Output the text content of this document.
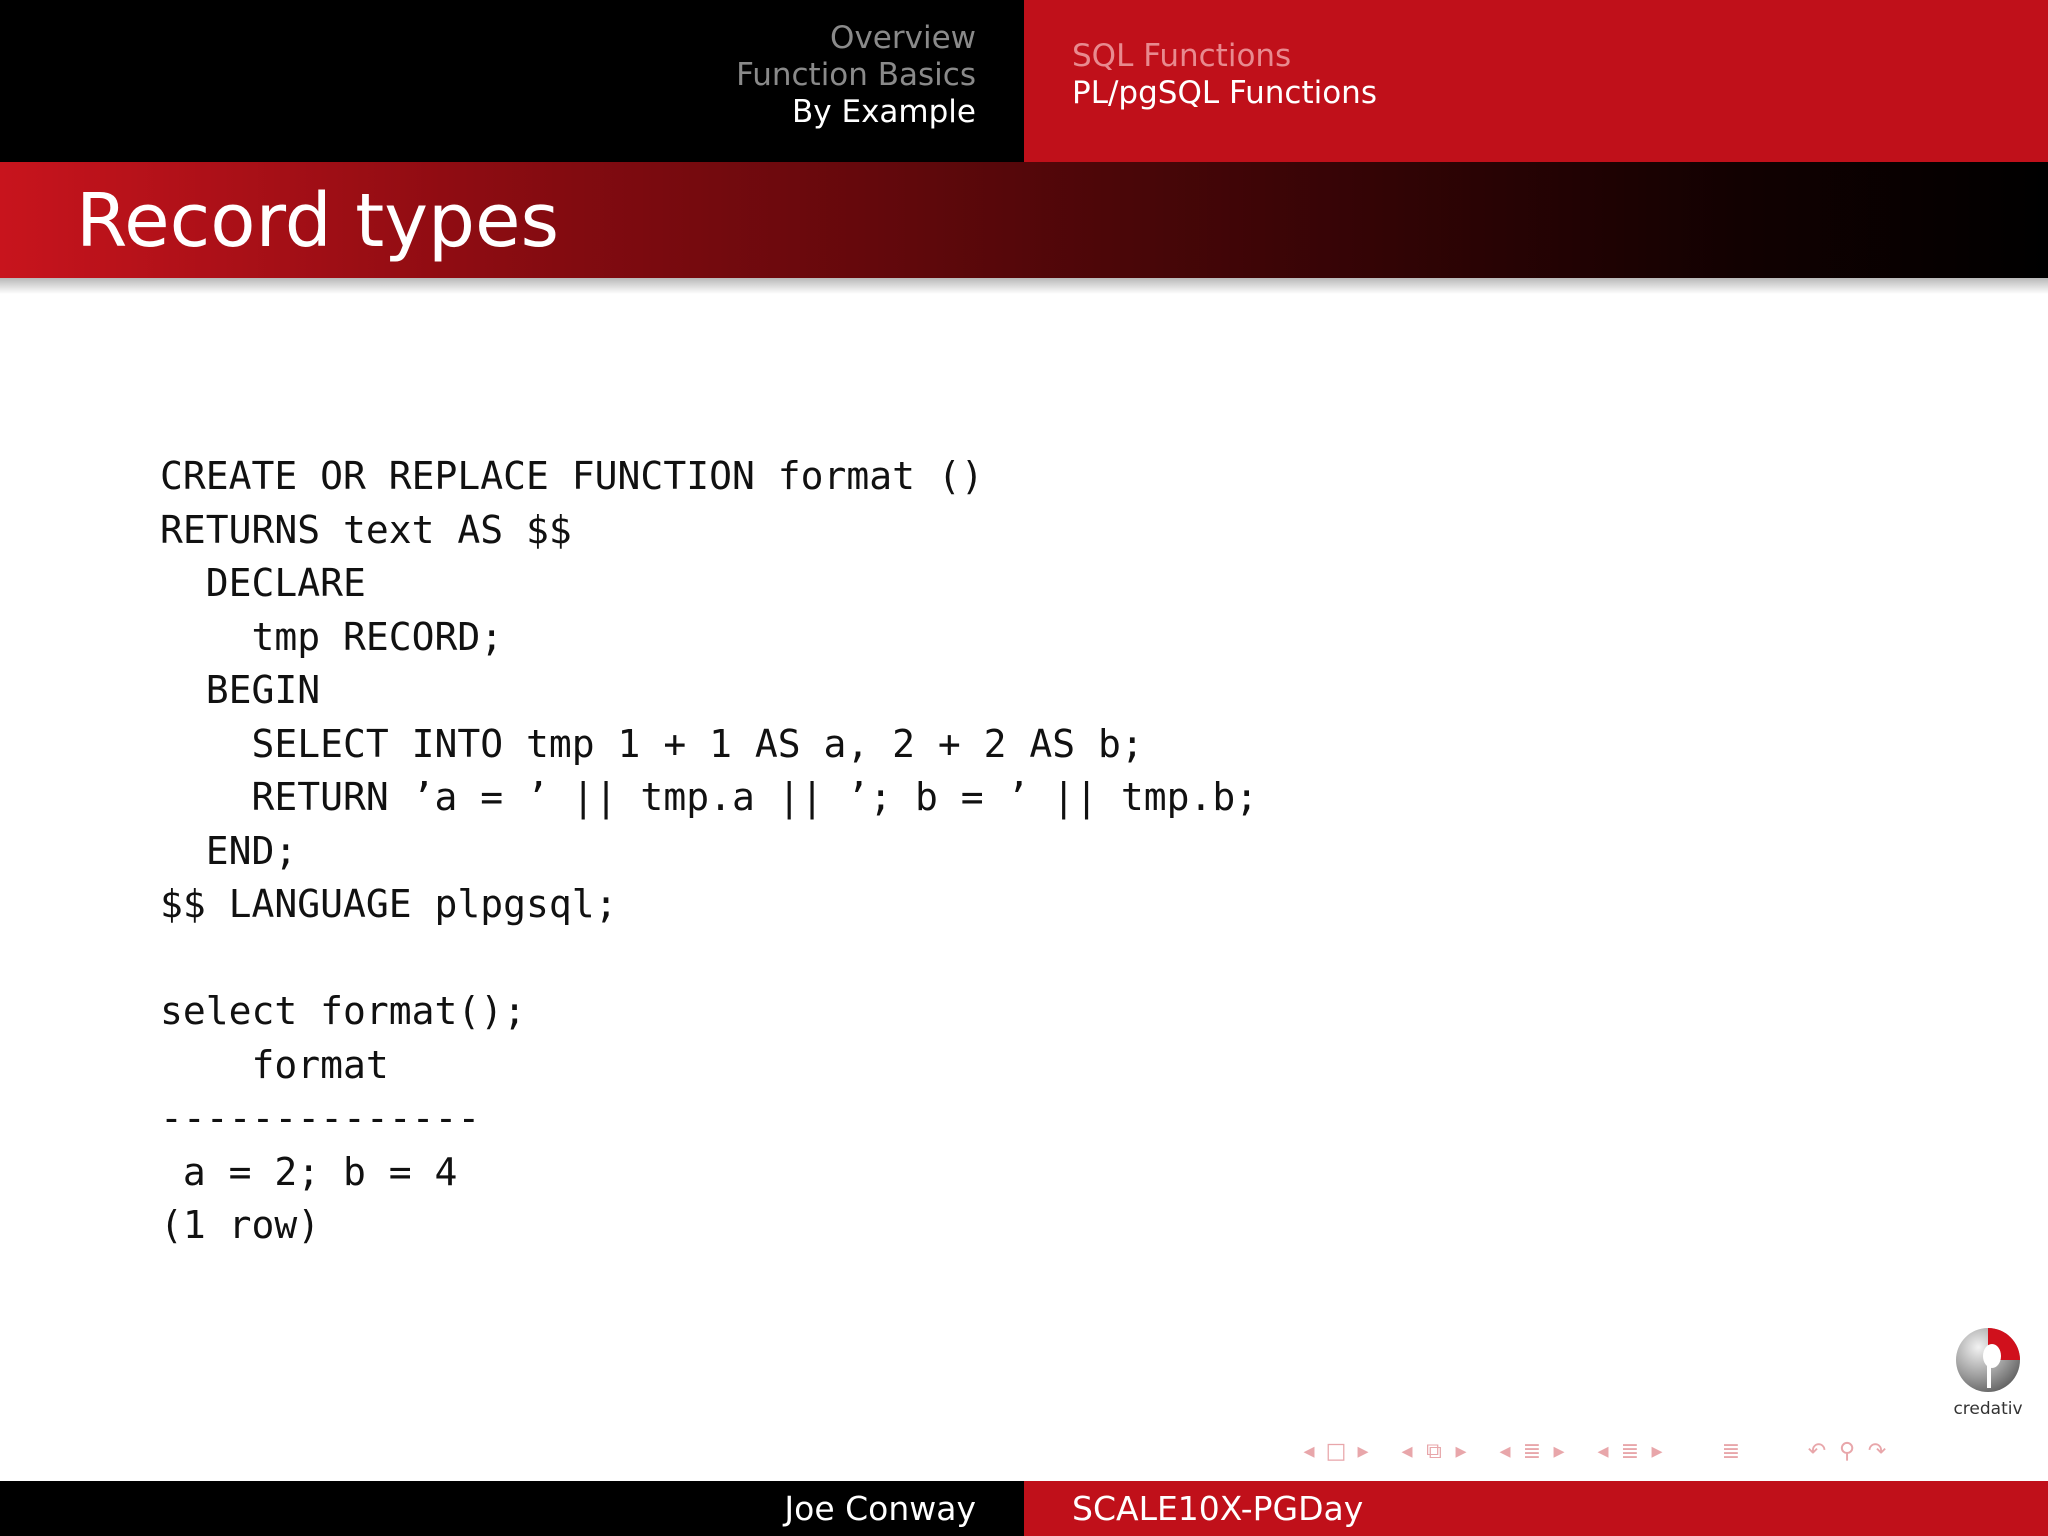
Overview
Function Basics
By Example
SQL Functions
PL/pgSQL Functions
Record types
CREATE OR REPLACE FUNCTION format ()
RETURNS text AS $$
DECLARE
tmp RECORD;
BEGIN
SELECT INTO tmp 1 + 1 AS a, 2 + 2 AS b;
RETURN ’a = ’ || tmp.a || ’; b = ’ || tmp.b;
END;
$$ LANGUAGE plpgsql;
select format();
format
--------------
a = 2; b = 4
(1 row)
credativ
◂ □ ▸ ◂ ⧉ ▸ ◂ ≣ ▸ ◂ ≣ ▸	≣	↶ ⚲ ↷
Joe Conway	SCALE10X-PGDay
